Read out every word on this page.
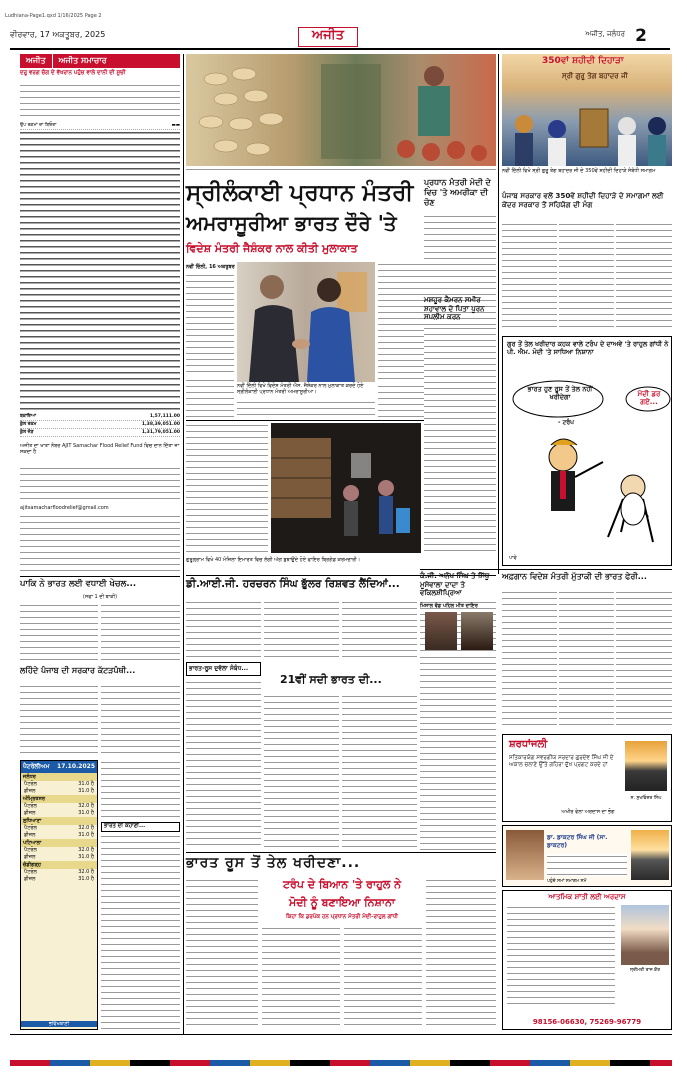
Ludhiana-Page1.qxd 1/16/2025 Page 2
ਵੀਰਵਾਰ, 17 ਅਕਤੂਬਰ, 2025	ਅਜੀਤ	ਅਜੀਤ, ਜਲੰਧਰ 2
ਅਜੀਤ	ਅਜੀਤ ਸਮਾਚਾਰ
ਦਰੂ ਵਰਗ ਚੰਗ ਦੇ ਵੱਖਰਾਨ ਪਹੁੰਚ ਵਾਲੇ ਦਾਨੀ ਦੀ ਸੂਚੀ
ਉਪ ਰਕਮਾਂ ਦਾ ਬਿਓਰਾ	▬▬
ਬਕਾਇਆ	1,57,111.00
ਕੁੱਲ ਰਕਮ	1,38,39,051.00
ਕੁੱਲ ਜੋੜ	1,31,79,051.00
ਅਜੀਤ ਦਾ ਖਾਤਾ ਨੰਬਰ AJIT Samachar Flood Relief Fund ਵਿਚ ਦਾਨ ਦਿੱਤਾ ਜਾ ਸਕਦਾ ਹੈ
ajitsamacharfloodrelief@gmail.com
ਪਾਕਿ ਨੇ ਭਾਰਤ ਲਈ ਵਧਾਈ ਖੇਚਲ...
(ਸਫਾ 1 ਦੀ ਬਾਕੀ)
ਲਹਿੰਦੇ ਪੰਜਾਬ ਦੀ ਸਰਕਾਰ ਕੱਟੜਪੰਥੀ...
ਪੈਟਰੋਲੀਅਮ 17.10.2025
ਜਲੰਧਰ
ਪੈਟਰੋਲ	31.0 ਹੈ
ਡੀਜ਼ਲ	31.0 ਹੈ
ਅੰਮ੍ਰਿਤਸਰ
ਪੈਟਰੋਲ	32.0 ਹੈ
ਡੀਜ਼ਲ	31.0 ਹੈ
ਲੁਧਿਆਣਾ
ਪੈਟਰੋਲ	32.0 ਹੈ
ਡੀਜ਼ਲ	31.0 ਹੈ
ਪਟਿਆਲਾ
ਪੈਟਰੋਲ	32.0 ਹੈ
ਡੀਜ਼ਲ	31.0 ਹੈ
ਚੰਡੀਗੜ੍ਹ
ਪੈਟਰੋਲ	32.0 ਹੈ
ਡੀਜ਼ਲ	31.0 ਹੈ
ਭਵਿੱਖਬਾਣੀ
ਭਾਰਤ ਦੀ ਕਹਾਣੀ...
ਸ੍ਰੀਲੰਕਾਈ ਪ੍ਰਧਾਨ ਮੰਤਰੀ
ਅਮਰਾਸੂਰੀਆ ਭਾਰਤ ਦੌਰੇ 'ਤੇ
ਵਿਦੇਸ਼ ਮੰਤਰੀ ਜੈਸ਼ੰਕਰ ਨਾਲ ਕੀਤੀ ਮੁਲਾਕਾਤ
ਨਵੀਂ ਦਿੱਲੀ, 16 ਅਕਤੂਬਰ
ਨਵੀਂ ਦਿੱਲੀ ਵਿਖੇ ਵਿਦੇਸ਼ ਮੰਤਰੀ ਐਸ. ਜੈਸ਼ੰਕਰ ਨਾਲ ਮੁਲਾਕਾਤ ਕਰਦੇ ਹੋਏ ਸ੍ਰੀਲੰਕਾਈ ਪ੍ਰਧਾਨ ਮੰਤਰੀ ਅਮਰਾਸੂਰੀਆ।
ਪ੍ਰਧਾਨ ਮੰਤਰੀ ਮੋਦੀ ਦੇ ਵਿਚ 'ਤੇ ਅਮਰੀਕਾ ਦੀ ਚੋਣ
ਮਸ਼ਹੂਰ ਕੈਮਰਨ ਸਮੀਰ ਸ਼ਹਾਵਾਲ ਦੇ ਪਿਤਾ ਪੂਰਨ ਸਪਲੀਮ ਕਰਨ
ਗੁਰੂਗ੍ਰਾਮ ਵਿਖੇ 40 ਮੰਜ਼ਿਲਾ ਇਮਾਰਤ ਵਿਚ ਲੱਗੀ ਅੱਗ ਬੁਝਾਉਂਦੇ ਹੋਏ ਫਾਇਰ ਬ੍ਰਿਗੇਡ ਕਰਮਚਾਰੀ।
ਡੀ.ਆਈ.ਜੀ. ਹਰਚਰਨ ਸਿੰਘ ਭੁੱਲਰ ਰਿਸ਼ਵਤ ਲੈਂਦਿਆਂ...
ਭਾਰਤ-ਰੂਸ ਦੁਵੱਲਾ ਸੰਬੰਧ...
21ਵੀਂ ਸਦੀ ਭਾਰਤ ਦੀ...
ਭਾਰਤ ਰੂਸ ਤੋਂ ਤੇਲ ਖਰੀਦਣਾ...
ਟਰੰਪ ਦੇ ਬਿਆਨ 'ਤੇ ਰਾਹੁਲ ਨੇ
ਮੋਦੀ ਨੂੰ ਬਣਾਇਆ ਨਿਸ਼ਾਨਾ
ਕਿਹਾ ਕਿ ਡਰਪੋਕ ਹਨ ਪ੍ਰਧਾਨ ਮੰਤਰੀ ਮੋਦੀ-ਰਾਹੁਲ ਗਾਂਧੀ
350ਵਾਂ ਸ਼ਹੀਦੀ ਦਿਹਾੜਾ
ਸ੍ਰੀ ਗੁਰੂ ਤੇਗ ਬਹਾਦਰ ਜੀ
ਨਵੀਂ ਦਿੱਲੀ ਵਿਖੇ ਸ੍ਰੀ ਗੁਰੂ ਤੇਗ ਬਹਾਦਰ ਜੀ ਦੇ 350ਵੇਂ ਸ਼ਹੀਦੀ ਦਿਹਾੜੇ ਸੰਬੰਧੀ ਸਮਾਗਮ
ਪੰਜਾਬ ਸਰਕਾਰ ਵਲੋਂ 350ਵੇਂ ਸ਼ਹੀਦੀ ਦਿਹਾੜੇ ਦੇ ਸਮਾਗਮਾਂ ਲਈ ਕੇਂਦਰ ਸਰਕਾਰ ਤੋਂ ਸਹਿਯੋਗ ਦੀ ਮੰਗ
ਗੁਰ ਤੋਂ ਤੇਲ ਖਰੀਦਾਰ ਕਹਕ ਵਾਲੇ ਟਰੰਪ ਦੇ ਦਾਅਵੇ 'ਤੇ ਰਾਹੁਲ ਗਾਂਧੀ ਨੇ ਪੀ. ਐਮ. ਮੋਦੀ 'ਤੇ ਸਾਧਿਆ ਨਿਸ਼ਾਨਾ
ਭਾਰਤ ਹੁਣ ਰੂਸ ਤੋਂ ਤੇਲ ਨਹੀਂ ਖਰੀਦੇਗਾ
- ਟਰੰਪ
ਮੋਦੀ ਡਰ ਗਏ...
ਪਾਵੇ
ਕੰ.ਜੀ. ਅਨੋਖ ਸਿੰਘ ਤੇ ਸਿੱਧੂ ਮੂਸੇਵਾਲਾ ਦਾਦਾ ਤੇ ਵਕਿਲਸ਼ੀਪ੍ਰਿਆ
ਮਿਸਾਲ ਵੰਡ ਪਹਿਲ ਮੀਤ ਦਾਇਰ
ਅਫ਼ਗਾਨ ਵਿਦੇਸ਼ ਮੰਤਰੀ ਮੁੱਤਾਕੀ ਦੀ ਭਾਰਤ ਫੇਰੀ...
ਸ਼ਰਧਾਂਜਲੀ
ਸਤਿਕਾਰਯੋਗ ਸਵਰਗੀਯ ਸਰਦਾਰ ਗੁਰਦੇਵ ਸਿੰਘ ਜੀ ਦੇ ਅਕਾਲ ਚਲਾਣੇ ਉੱਤੇ ਗਹਿਰਾ ਦੁੱਖ ਪ੍ਰਗਟ ਕਰਦੇ ਹਾਂ
ਸ. ਸੁਖਵਿੰਦਰ ਸਿੰਘ
ਅਖੀਰ ਵੇਲਾ ਅਰਦਾਸ ਦਾ ਭੋਗ
ਡਾ. ਡਾਕਟਰ ਸਿੰਘ ਜੀ (ਸਾ. ਡਾਕਟਰ)
ਪਹੁੰਚੇ ਸਮਾਂ ਸਮਾਗਮ ਸਮੇਂ
ਆਤਮਿਕ ਸ਼ਾਂਤੀ ਲਈ ਅਰਦਾਸ
ਸ੍ਰੀਮਤੀ ਰਾਜ ਕੌਰ
98156-06630, 75269-96779
